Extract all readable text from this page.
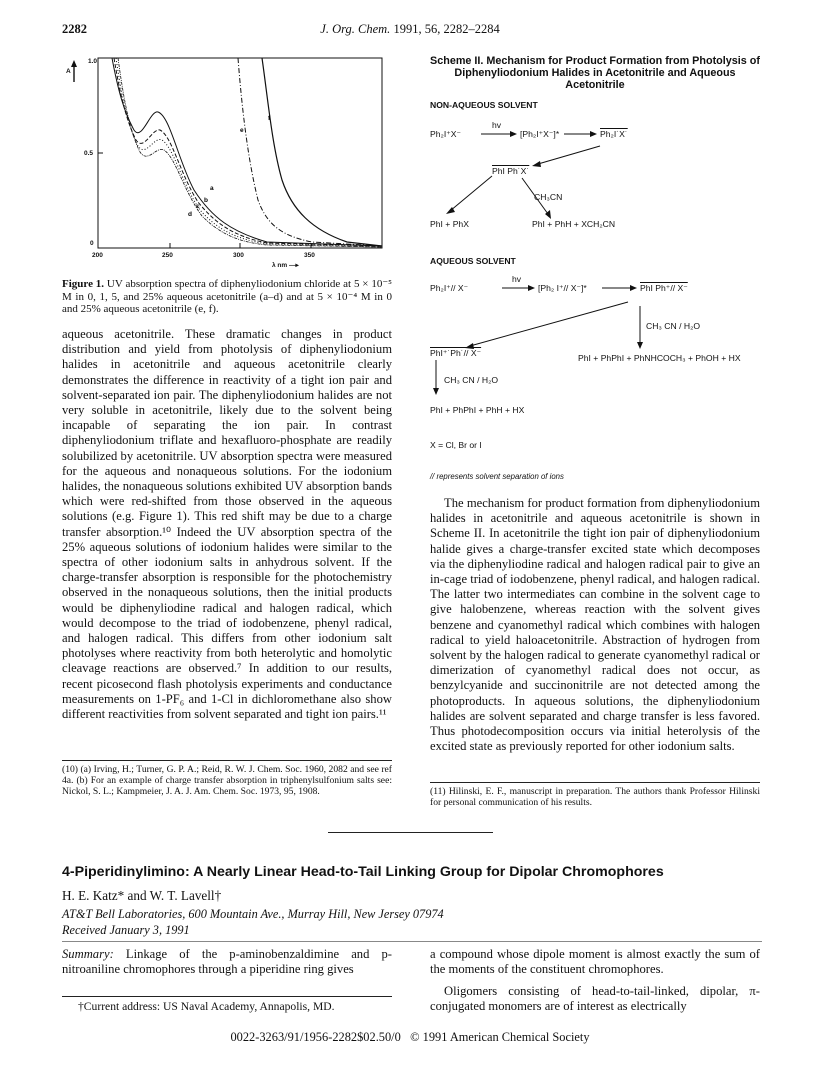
2282	J. Org. Chem. 1991, 56, 2282–2284
a
b
c
d
e
f
1.0
A
0.5
0
200	250	300	350
λ nm —▸
Figure 1. UV absorption spectra of diphenyliodonium chloride at 5 × 10⁻⁵ M in 0, 1, 5, and 25% aqueous acetonitrile (a–d) and at 5 × 10⁻⁴ M in 0 and 25% aqueous acetonitrile (e, f).

aqueous acetonitrile. These dramatic changes in product distribution and yield from photolysis of diphenyliodonium halides in acetonitrile and aqueous acetonitrile clearly demonstrates the difference in reactivity of a tight ion pair and solvent-separated ion pair. The diphenyliodonium halides are not very soluble in acetonitrile, likely due to the solvent being incapable of separating the ion pair. In contrast diphenyliodonium triflate and hexafluoro-phosphate are readily solubilized by acetonitrile. UV absorption spectra were measured for the aqueous and nonaqueous solutions. For the iodonium halides, the nonaqueous solutions exhibited UV absorption bands which were red-shifted from those observed in the aqueous solutions (e.g. Figure 1). This red shift may be due to a charge transfer absorption.¹⁰ Indeed the UV absorption spectra of the 25% aqueous solutions of iodonium halides were similar to the spectra of other iodonium salts in anhydrous solvent. If the charge-transfer absorption is responsible for the photochemistry observed in the nonaqueous solutions, then the initial products would be diphenyliodine radical and halogen radical, which would decompose to the triad of iodobenzene, phenyl radical, and halogen radical. This differs from other iodonium salt photolyses where reactivity from both heterolytic and homolytic cleavage reactions are observed.⁷ In addition to our results, recent picosecond flash photolysis experiments and conductance measurements on 1-PF₆ and 1-Cl in dichloromethane also show different reactivities from solvent separated and tight ion pairs.¹¹

(10) (a) Irving, H.; Turner, G. P. A.; Reid, R. W. J. Chem. Soc. 1960, 2082 and see ref 4a. (b) For an example of charge transfer absorption in triphenylsulfonium salts see: Nickol, S. L.; Kampmeier, J. A. J. Am. Chem. Soc. 1973, 95, 1908.
Scheme II. Mechanism for Product Formation from Photolysis of Diphenyliodonium Halides in Acetonitrile and Aqueous Acetonitrile
NON-AQUEOUS SOLVENT
Ph₂I⁺X⁻
hv
[Ph₂I⁺X⁻]*	Ph₂I˙X˙
PhI Ph˙X˙
CH₃CN
PhI + PhX	PhI + PhH + XCH₂CN
AQUEOUS SOLVENT
Ph₂I⁺// X⁻
hv
[Ph₂ I⁺// X⁻]*	PhI Ph⁺// X⁻
CH₃ CN / H₂O
PhI⁺˙Ph˙// X⁻	PhI + PhPhI + PhNHCOCH₃ + PhOH + HX
CH₃ CN / H₂O
PhI + PhPhI + PhH + HX
X = Cl, Br or I
// represents solvent separation of ions

The mechanism for product formation from diphenyliodonium halides in acetonitrile and aqueous acetonitrile is shown in Scheme II. In acetonitrile the tight ion pair of diphenyliodonium halide gives a charge-transfer excited state which decomposes via the diphenyliodine radical and halogen radical pair to give an in-cage triad of iodobenzene, phenyl radical, and halogen radical. The latter two intermediates can combine in the solvent cage to give halobenzene, whereas reaction with the solvent gives benzene and cyanomethyl radical which combines with halogen radical to yield haloacetonitrile. Abstraction of hydrogen from solvent by the halogen radical to generate cyanomethyl radical or dimerization of cyanomethyl radical does not occur, as benzylcyanide and succinonitrile are not detected among the photoproducts. In aqueous solutions, the diphenyliodonium halides are solvent separated and charge transfer is less favored. Thus photodecomposition occurs via initial heterolysis of the excited state as previously reported for other iodonium salts.

(11) Hilinski, E. F., manuscript in preparation. The authors thank Professor Hilinski for personal communication of his results.
4-Piperidinylimino: A Nearly Linear Head-to-Tail Linking Group for Dipolar Chromophores
H. E. Katz* and W. T. Lavell†
AT&T Bell Laboratories, 600 Mountain Ave., Murray Hill, New Jersey 07974
Received January 3, 1991
Summary: Linkage of the p-aminobenzaldimine and p-nitroaniline chromophores through a piperidine ring gives
a compound whose dipole moment is almost exactly the sum of the moments of the constituent chromophores.
Oligomers consisting of head-to-tail-linked, dipolar, π-conjugated monomers are of interest as electrically
†Current address: US Naval Academy, Annapolis, MD.
0022-3263/91/1956-2282$02.50/0 © 1991 American Chemical Society
